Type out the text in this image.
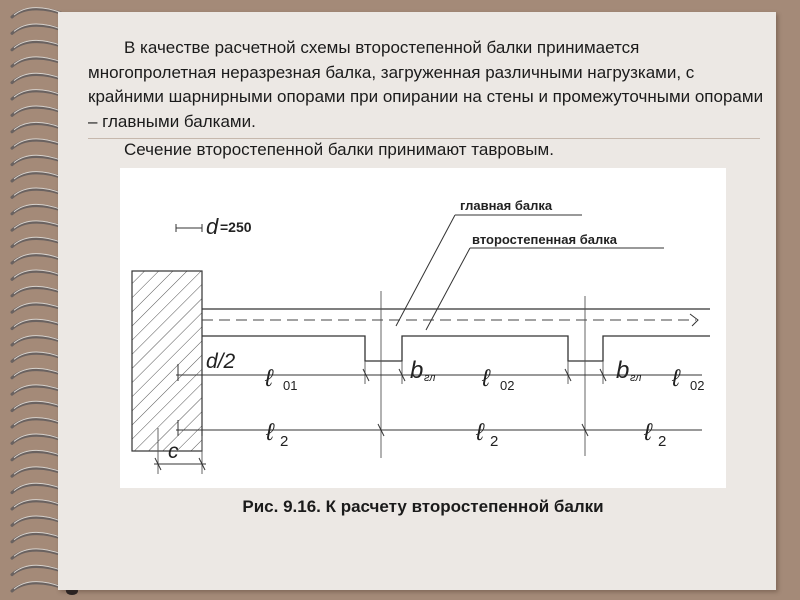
В качестве расчетной схемы второстепенной балки принимается многопролетная неразрезная балка, загруженная различными нагрузками, с крайними шарнирными опорами при опирании на стены и промежуточными опорами – главными балками.

Сечение второстепенной балки принимают тавровым.

главная балка
второстепенная балка
d =250
d/2
c
ℓ 01
b гл ℓ 02
b гл ℓ 02
ℓ 2	ℓ 2	ℓ 2
Рис. 9.16. К расчету второстепенной балки
